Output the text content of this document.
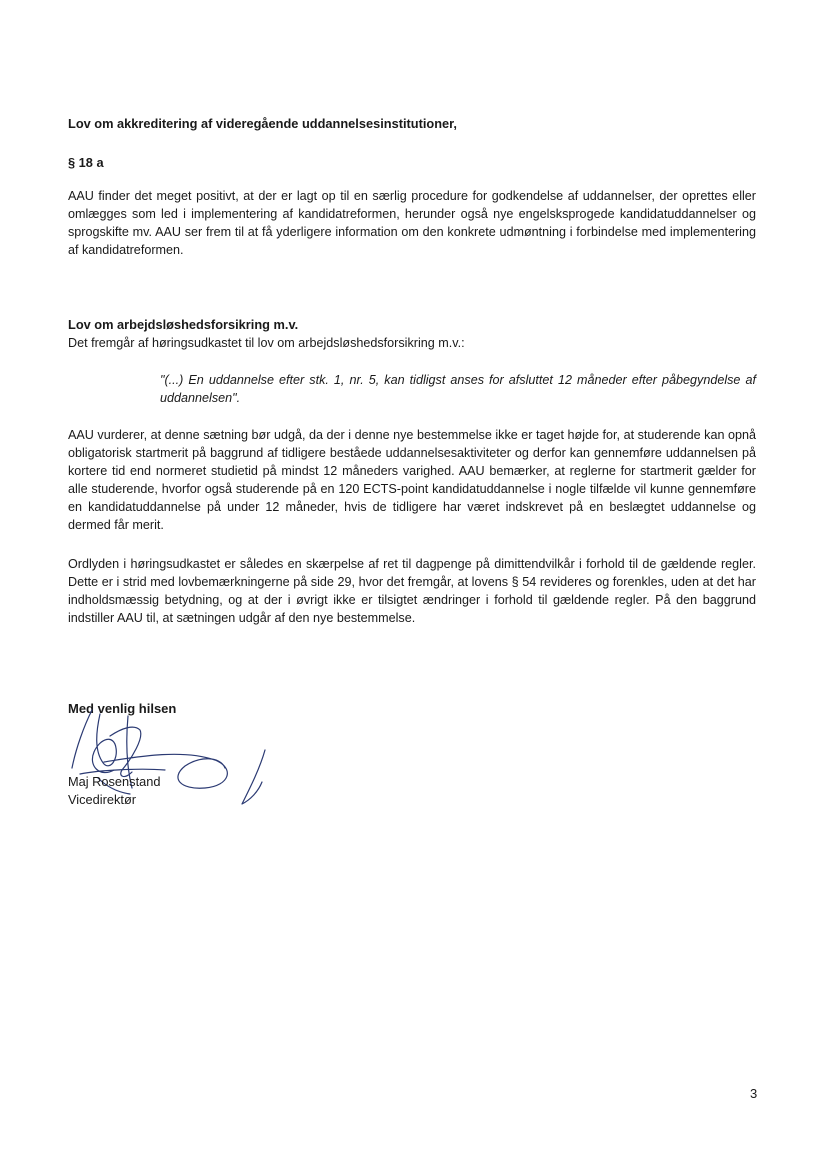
Lov om akkreditering af videregående uddannelsesinstitutioner,
§ 18 a

AAU finder det meget positivt, at der er lagt op til en særlig procedure for godkendelse af uddannelser, der oprettes eller omlægges som led i implementering af kandidatreformen, herunder også nye engelsksprogede kandidatuddannelser og sprogskifte mv. AAU ser frem til at få yderligere information om den konkrete udmøntning i forbindelse med implementering af kandidatreformen.

Lov om arbejdsløshedsforsikring m.v.

Det fremgår af høringsudkastet til lov om arbejdsløshedsforsikring m.v.:

"(...) En uddannelse efter stk. 1, nr. 5, kan tidligst anses for afsluttet 12 måneder efter påbegyndelse af uddannelsen".

AAU vurderer, at denne sætning bør udgå, da der i denne nye bestemmelse ikke er taget højde for, at studerende kan opnå obligatorisk startmerit på baggrund af tidligere beståede uddannelsesaktiviteter og derfor kan gennemføre uddannelsen på kortere tid end normeret studietid på mindst 12 måneders varighed. AAU bemærker, at reglerne for startmerit gælder for alle studerende, hvorfor også studerende på en 120 ECTS-point kandidatuddannelse i nogle tilfælde vil kunne gennemføre en kandidatuddannelse på under 12 måneder, hvis de tidligere har været indskrevet på en beslægtet uddannelse og dermed får merit.

Ordlyden i høringsudkastet er således en skærpelse af ret til dagpenge på dimittendvilkår i forhold til de gældende regler. Dette er i strid med lovbemærkningerne på side 29, hvor det fremgår, at lovens § 54 revideres og forenkles, uden at det har indholdsmæssig betydning, og at der i øvrigt ikke er tilsigtet ændringer i forhold til gældende regler. På den baggrund indstiller AAU til, at sætningen udgår af den nye bestemmelse.

Med venlig hilsen
Maj Rosenstand
Vicedirektør
3
